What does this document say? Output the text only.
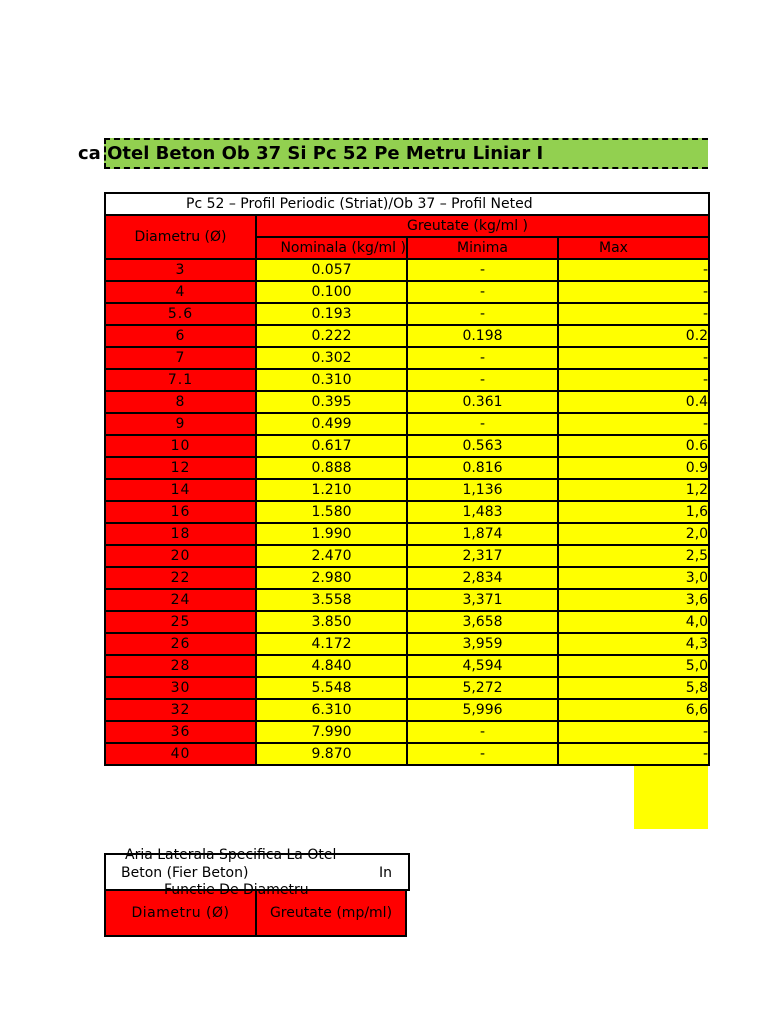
ca Otel Beton Ob 37 Si Pc 52 Pe Metru Liniar I
Pc 52 – Profil Periodic (Striat)/Ob 37 – Profil Neted			
Diametru (Ø)	Greutate (kg/ml )		
	Nominala (kg/ml )	Minima	Max
3	0.057	-	-
4	0.100	-	-
5.6	0.193	-	-
6	0.222	0.198	0.2
7	0.302	-	-
7.1	0.310	-	-
8	0.395	0.361	0.4
9	0.499	-	-
10	0.617	0.563	0.6
12	0.888	0.816	0.9
14	1.210	1,136	1,2
16	1.580	1,483	1,6
18	1.990	1,874	2,0
20	2.470	2,317	2,5
22	2.980	2,834	3,0
24	3.558	3,371	3,6
25	3.850	3,658	4,0
26	4.172	3,959	4,3
28	4.840	4,594	5,0
30	5.548	5,272	5,8
32	6.310	5,996	6,6
36	7.990	-	-
40	9.870	-	-
Aria Laterala Specifica La Otel
Beton (Fier Beton)	In
Functie De Diametru
Diametru (Ø)	Greutate (mp/ml)
